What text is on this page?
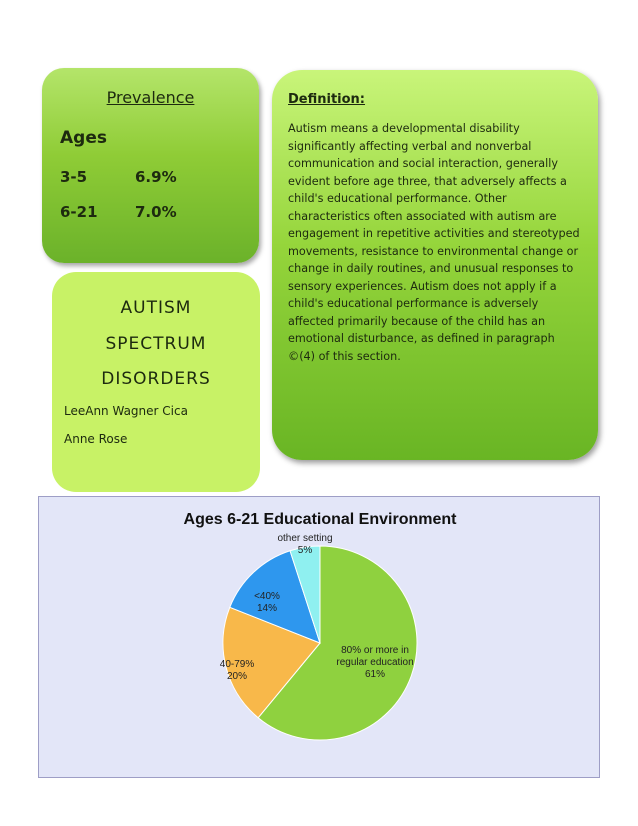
Prevalence
Ages
3-5	6.9%
6-21 7.0%
AUTISM
SPECTRUM
DISORDERS
LeeAnn Wagner Cica
Anne Rose
Definition:
Autism means a developmental disability significantly affecting verbal and nonverbal communication and social interaction, generally evident before age three, that adversely affects a child's educational performance. Other characteristics often associated with autism are engagement in repetitive activities and stereotyped movements, resistance to environmental change or change in daily routines, and unusual responses to sensory experiences. Autism does not apply if a child's educational performance is adversely affected primarily because of the child has an emotional disturbance, as defined in paragraph ©(4) of this section.
Ages 6-21 Educational Environment
80% or more in regular education 61%
40-79% 20%
<40% 14%
other setting 5%
